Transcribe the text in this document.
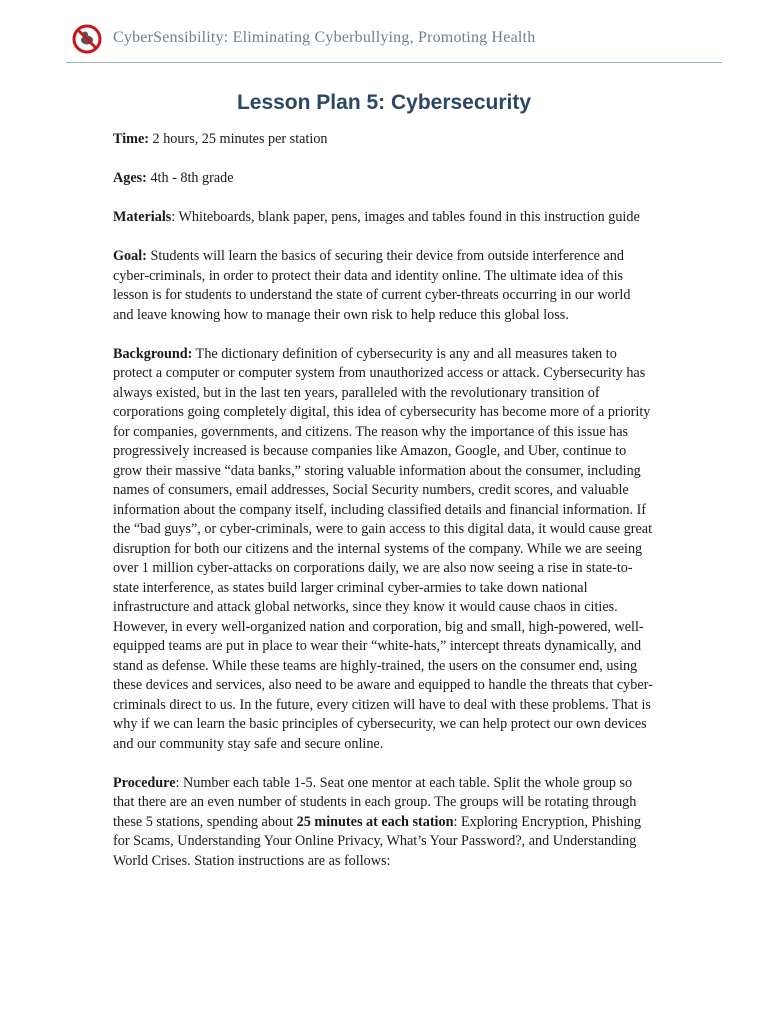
CyberSensibility: Eliminating Cyberbullying, Promoting Health
Lesson Plan 5: Cybersecurity

Time: 2 hours, 25 minutes per station

Ages: 4th - 8th grade

Materials: Whiteboards, blank paper, pens, images and tables found in this instruction guide

Goal: Students will learn the basics of securing their device from outside interference and cyber-criminals, in order to protect their data and identity online. The ultimate idea of this lesson is for students to understand the state of current cyber-threats occurring in our world and leave knowing how to manage their own risk to help reduce this global loss.

Background: The dictionary definition of cybersecurity is any and all measures taken to protect a computer or computer system from unauthorized access or attack. Cybersecurity has always existed, but in the last ten years, paralleled with the revolutionary transition of corporations going completely digital, this idea of cybersecurity has become more of a priority for companies, governments, and citizens. The reason why the importance of this issue has progressively increased is because companies like Amazon, Google, and Uber, continue to grow their massive “data banks,” storing valuable information about the consumer, including names of consumers, email addresses, Social Security numbers, credit scores, and valuable information about the company itself, including classified details and financial information. If the “bad guys”, or cyber-criminals, were to gain access to this digital data, it would cause great disruption for both our citizens and the internal systems of the company. While we are seeing over 1 million cyber-attacks on corporations daily, we are also now seeing a rise in state-to-state interference, as states build larger criminal cyber-armies to take down national infrastructure and attack global networks, since they know it would cause chaos in cities. However, in every well-organized nation and corporation, big and small, high-powered, well-equipped teams are put in place to wear their “white-hats,” intercept threats dynamically, and stand as defense. While these teams are highly-trained, the users on the consumer end, using these devices and services, also need to be aware and equipped to handle the threats that cyber-criminals direct to us. In the future, every citizen will have to deal with these problems. That is why if we can learn the basic principles of cybersecurity, we can help protect our own devices and our community stay safe and secure online.

Procedure: Number each table 1-5. Seat one mentor at each table. Split the whole group so that there are an even number of students in each group. The groups will be rotating through these 5 stations, spending about 25 minutes at each station: Exploring Encryption, Phishing for Scams, Understanding Your Online Privacy, What’s Your Password?, and Understanding World Crises. Station instructions are as follows:
